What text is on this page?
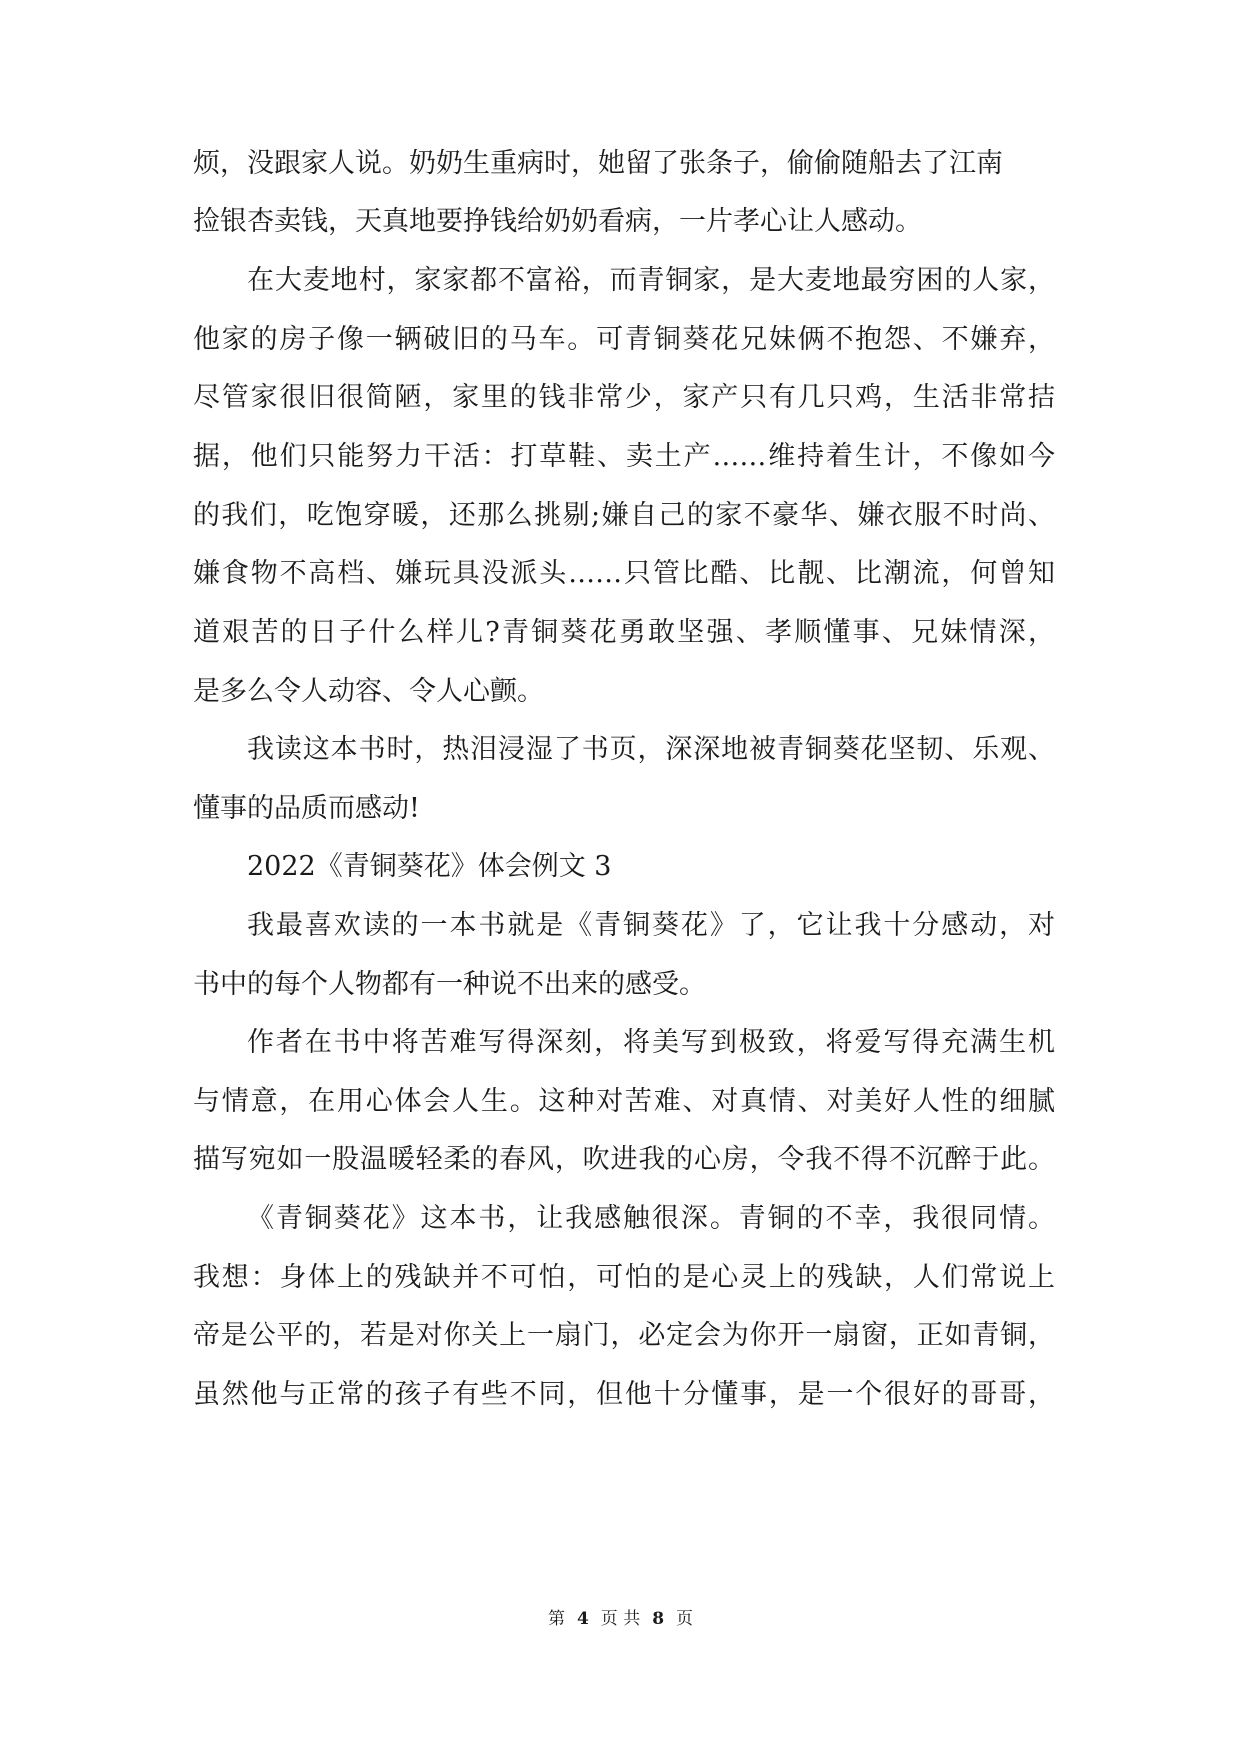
烦，没跟家人说。奶奶生重病时，她留了张条子，偷偷随船去了江南
捡银杏卖钱，天真地要挣钱给奶奶看病，一片孝心让人感动。
在大麦地村，家家都不富裕，而青铜家，是大麦地最穷困的人家，
他家的房子像一辆破旧的马车。可青铜葵花兄妹俩不抱怨、不嫌弃，
尽管家很旧很简陋，家里的钱非常少，家产只有几只鸡，生活非常拮
据，他们只能努力干活：打草鞋、卖土产……维持着生计，不像如今
的我们，吃饱穿暖，还那么挑剔;嫌自己的家不豪华、嫌衣服不时尚、
嫌食物不高档、嫌玩具没派头……只管比酷、比靓、比潮流，何曾知
道艰苦的日子什么样儿?青铜葵花勇敢坚强、孝顺懂事、兄妹情深，
是多么令人动容、令人心颤。
我读这本书时，热泪浸湿了书页，深深地被青铜葵花坚韧、乐观、
懂事的品质而感动!
2022《青铜葵花》体会例文 3
我最喜欢读的一本书就是《青铜葵花》了，它让我十分感动，对
书中的每个人物都有一种说不出来的感受。
作者在书中将苦难写得深刻，将美写到极致，将爱写得充满生机
与情意，在用心体会人生。这种对苦难、对真情、对美好人性的细腻
描写宛如一股温暖轻柔的春风，吹进我的心房，令我不得不沉醉于此。
《青铜葵花》这本书，让我感触很深。青铜的不幸，我很同情。
我想：身体上的残缺并不可怕，可怕的是心灵上的残缺，人们常说上
帝是公平的，若是对你关上一扇门，必定会为你开一扇窗，正如青铜，
虽然他与正常的孩子有些不同，但他十分懂事，是一个很好的哥哥，
第 4 页 共 8 页
